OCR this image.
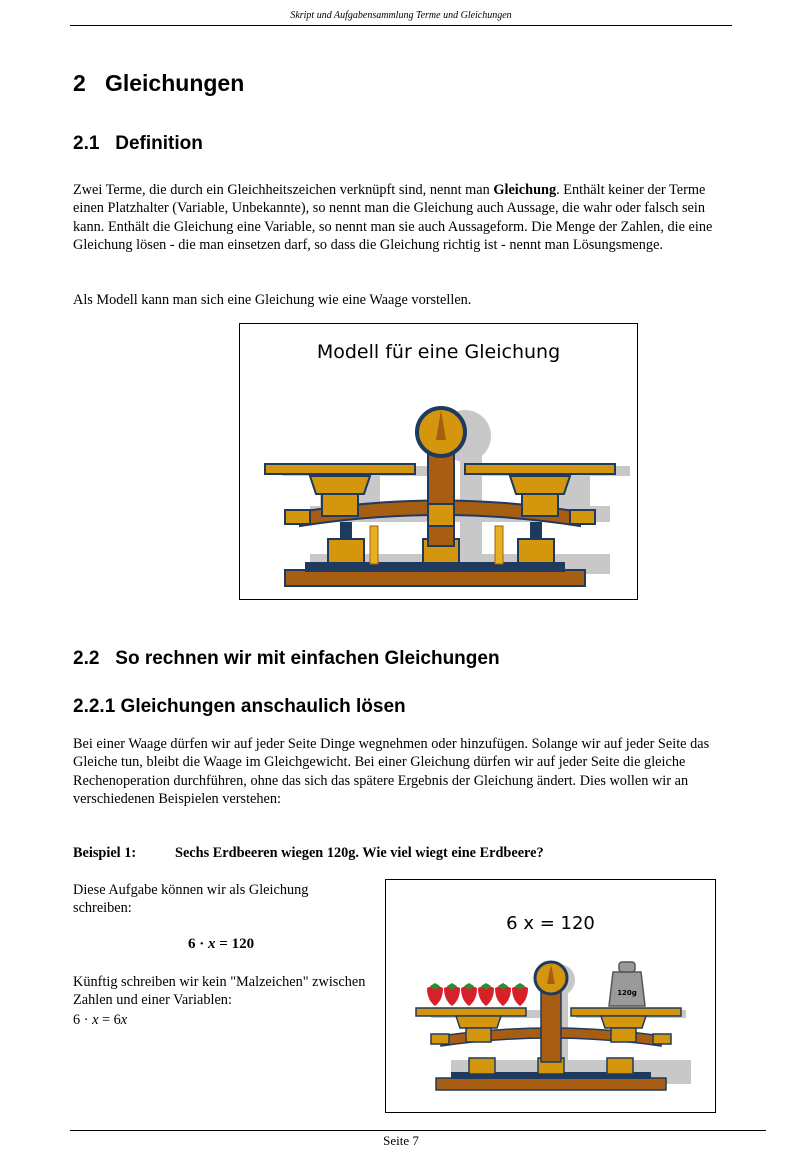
Skript und Aufgabensammlung Terme und Gleichungen
2 Gleichungen
2.1 Definition
Zwei Terme, die durch ein Gleichheitszeichen verknüpft sind, nennt man Gleichung. Enthält keiner der Terme einen Platzhalter (Variable, Unbekannte), so nennt man die Gleichung auch Aussage, die wahr oder falsch sein kann. Enthält die Gleichung eine Variable, so nennt man sie auch Aussageform. Die Menge der Zahlen, die eine Gleichung lösen - die man einsetzen darf, so dass die Gleichung richtig ist - nennt man Lösungsmenge.
Als Modell kann man sich eine Gleichung wie eine Waage vorstellen.
Modell für eine Gleichung
2.2 So rechnen wir mit einfachen Gleichungen
2.2.1 Gleichungen anschaulich lösen
Bei einer Waage dürfen wir auf jeder Seite Dinge wegnehmen oder hinzufügen. Solange wir auf jeder Seite das Gleiche tun, bleibt die Waage im Gleichgewicht. Bei einer Gleichung dürfen wir auf jeder Seite die gleiche Rechenoperation durchführen, ohne das sich das spätere Ergebnis der Gleichung ändert. Dies wollen wir an verschiedenen Beispielen verstehen:
Beispiel 1:	Sechs Erdbeeren wiegen 120g. Wie viel wiegt eine Erdbeere?
Diese Aufgabe können wir als Gleichung schreiben:
6 · x = 120
Künftig schreiben wir kein "Malzeichen" zwischen Zahlen und einer Variablen:
6 · x = 6x
6 x = 120
120g
Seite 7
